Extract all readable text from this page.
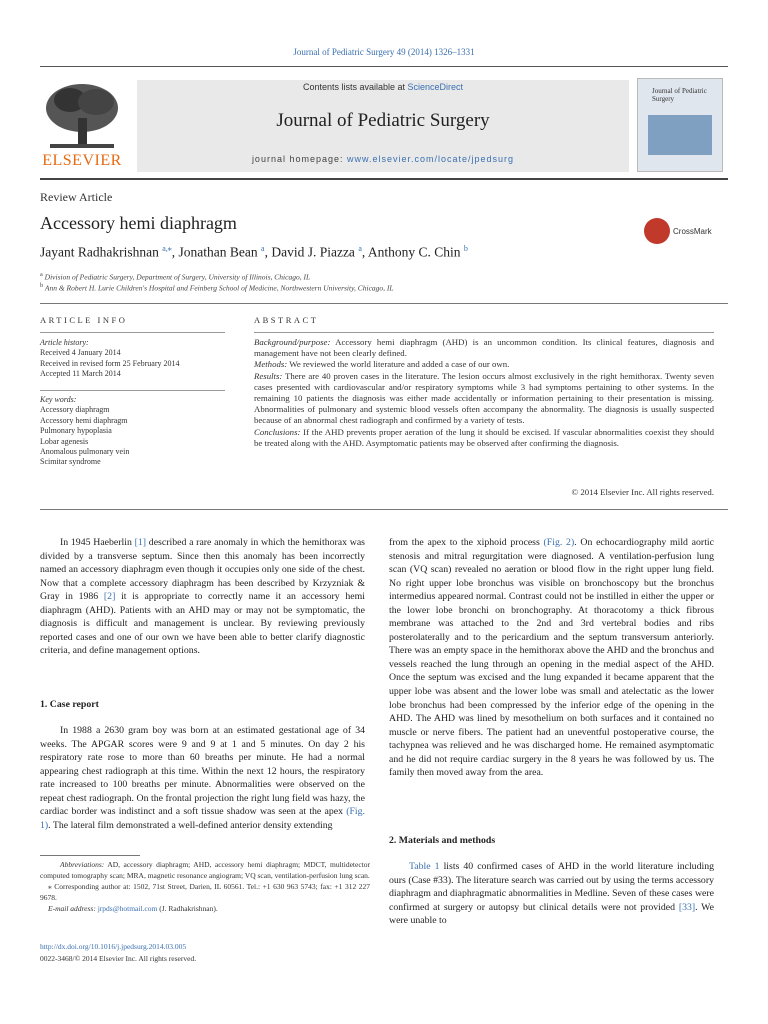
Journal of Pediatric Surgery 49 (2014) 1326–1331
ELSEVIER
Contents lists available at ScienceDirect
Journal of Pediatric Surgery
journal homepage: www.elsevier.com/locate/jpedsurg
Journal of Pediatric Surgery
Review Article
Accessory hemi diaphragm	CrossMark
Jayant Radhakrishnan $^{a,⁎}$, Jonathan Bean $^a$, David J. Piazza $^a$, Anthony C. Chin $^b$
$^a$ Division of Pediatric Surgery, Department of Surgery, University of Illinois, Chicago, IL
$^b$ Ann & Robert H. Lurie Children's Hospital and Feinberg School of Medicine, Northwestern University, Chicago, IL
ARTICLE INFO
Article history:
Received 4 January 2014
Received in revised form 25 February 2014
Accepted 11 March 2014
Key words:
Accessory diaphragm
Accessory hemi diaphragm
Pulmonary hypoplasia
Lobar agenesis
Anomalous pulmonary vein
Scimitar syndrome
ABSTRACT
Background/purpose: Accessory hemi diaphragm (AHD) is an uncommon condition. Its clinical features, diagnosis and management have not been clearly defined.
Methods: We reviewed the world literature and added a case of our own.
Results: There are 40 proven cases in the literature. The lesion occurs almost exclusively in the right hemithorax. Twenty seven cases presented with cardiovascular and/or respiratory symptoms while 3 had symptoms pertaining to other systems. In the remaining 10 patients the diagnosis was either made accidentally or information pertaining to their presentation is missing. Abnormalities of pulmonary and systemic blood vessels often accompany the abnormality. The diagnosis is usually suspected because of an abnormal chest radiograph and confirmed by a variety of tests.
Conclusions: If the AHD prevents proper aeration of the lung it should be excised. If vascular abnormalities coexist they should be treated along with the AHD. Asymptomatic patients may be observed after confirming the diagnosis.
© 2014 Elsevier Inc. All rights reserved.

In 1945 Haeberlin [1] described a rare anomaly in which the hemithorax was divided by a transverse septum. Since then this anomaly has been incorrectly named an accessory diaphragm even though it occupies only one side of the chest. Now that a complete accessory diaphragm has been described by Krzyzniak & Gray in 1986 [2] it is appropriate to correctly name it an accessory hemi diaphragm (AHD). Patients with an AHD may or may not be symptomatic, the diagnosis is difficult and management is unclear. By reviewing previously reported cases and one of our own we have been able to better clarify diagnostic criteria, and define management options.

1. Case report

In 1988 a 2630 gram boy was born at an estimated gestational age of 34 weeks. The APGAR scores were 9 and 9 at 1 and 5 minutes. On day 2 his respiratory rate rose to more than 60 breaths per minute. He had a normal appearing chest radiograph at this time. Within the next 12 hours, the respiratory rate increased to 100 breaths per minute. Abnormalities were observed on the repeat chest radiograph. On the frontal projection the right lung field was hazy, the cardiac border was indistinct and a soft tissue shadow was seen at the apex (Fig. 1). The lateral film demonstrated a well-defined anterior density extending

Abbreviations: AD, accessory diaphragm; AHD, accessory hemi diaphragm; MDCT, multidetector computed tomography scan; MRA, magnetic resonance angiogram; VQ scan, ventilation-perfusion lung scan.
⁎ Corresponding author at: 1502, 71st Street, Darien, IL 60561. Tel.: +1 630 963 5743; fax: +1 312 227 9678.
E-mail address: jrpds@hotmail.com (J. Radhakrishnan).
http://dx.doi.org/10.1016/j.jpedsurg.2014.03.005
0022-3468/© 2014 Elsevier Inc. All rights reserved.

from the apex to the xiphoid process (Fig. 2). On echocardiography mild aortic stenosis and mitral regurgitation were diagnosed. A ventilation-perfusion lung scan (VQ scan) revealed no aeration or blood flow in the right upper lung field. No right upper lobe bronchus was visible on bronchoscopy but the bronchus intermedius appeared normal. Contrast could not be instilled in either the upper or the lower lobe bronchi on bronchography. At thoracotomy a thick fibrous membrane was attached to the 2nd and 3rd vertebral bodies and ribs posterolaterally and to the pericardium and the septum transversum anteriorly. There was an empty space in the hemithorax above the AHD and the bronchus and vessels reached the lung through an opening in the medial aspect of the AHD. Once the septum was excised and the lung expanded it became apparent that the upper lobe was absent and the lower lobe was small and atelectatic as the lower lobe bronchus had been compressed by the inferior edge of the opening in the AHD. The AHD was lined by mesothelium on both surfaces and it contained no muscle or nerve fibers. The patient had an uneventful postoperative course, the tachypnea was relieved and he was discharged home. He remained asymptomatic and he did not require cardiac surgery in the 8 years he was followed by us. The family then moved away from the area.

2. Materials and methods

Table 1 lists 40 confirmed cases of AHD in the world literature including ours (Case #33). The literature search was carried out by using the terms accessory diaphragm and diaphragmatic abnormalities in Medline. Seven of these cases were confirmed at surgery or autopsy but clinical details were not provided [33]. We were unable to
